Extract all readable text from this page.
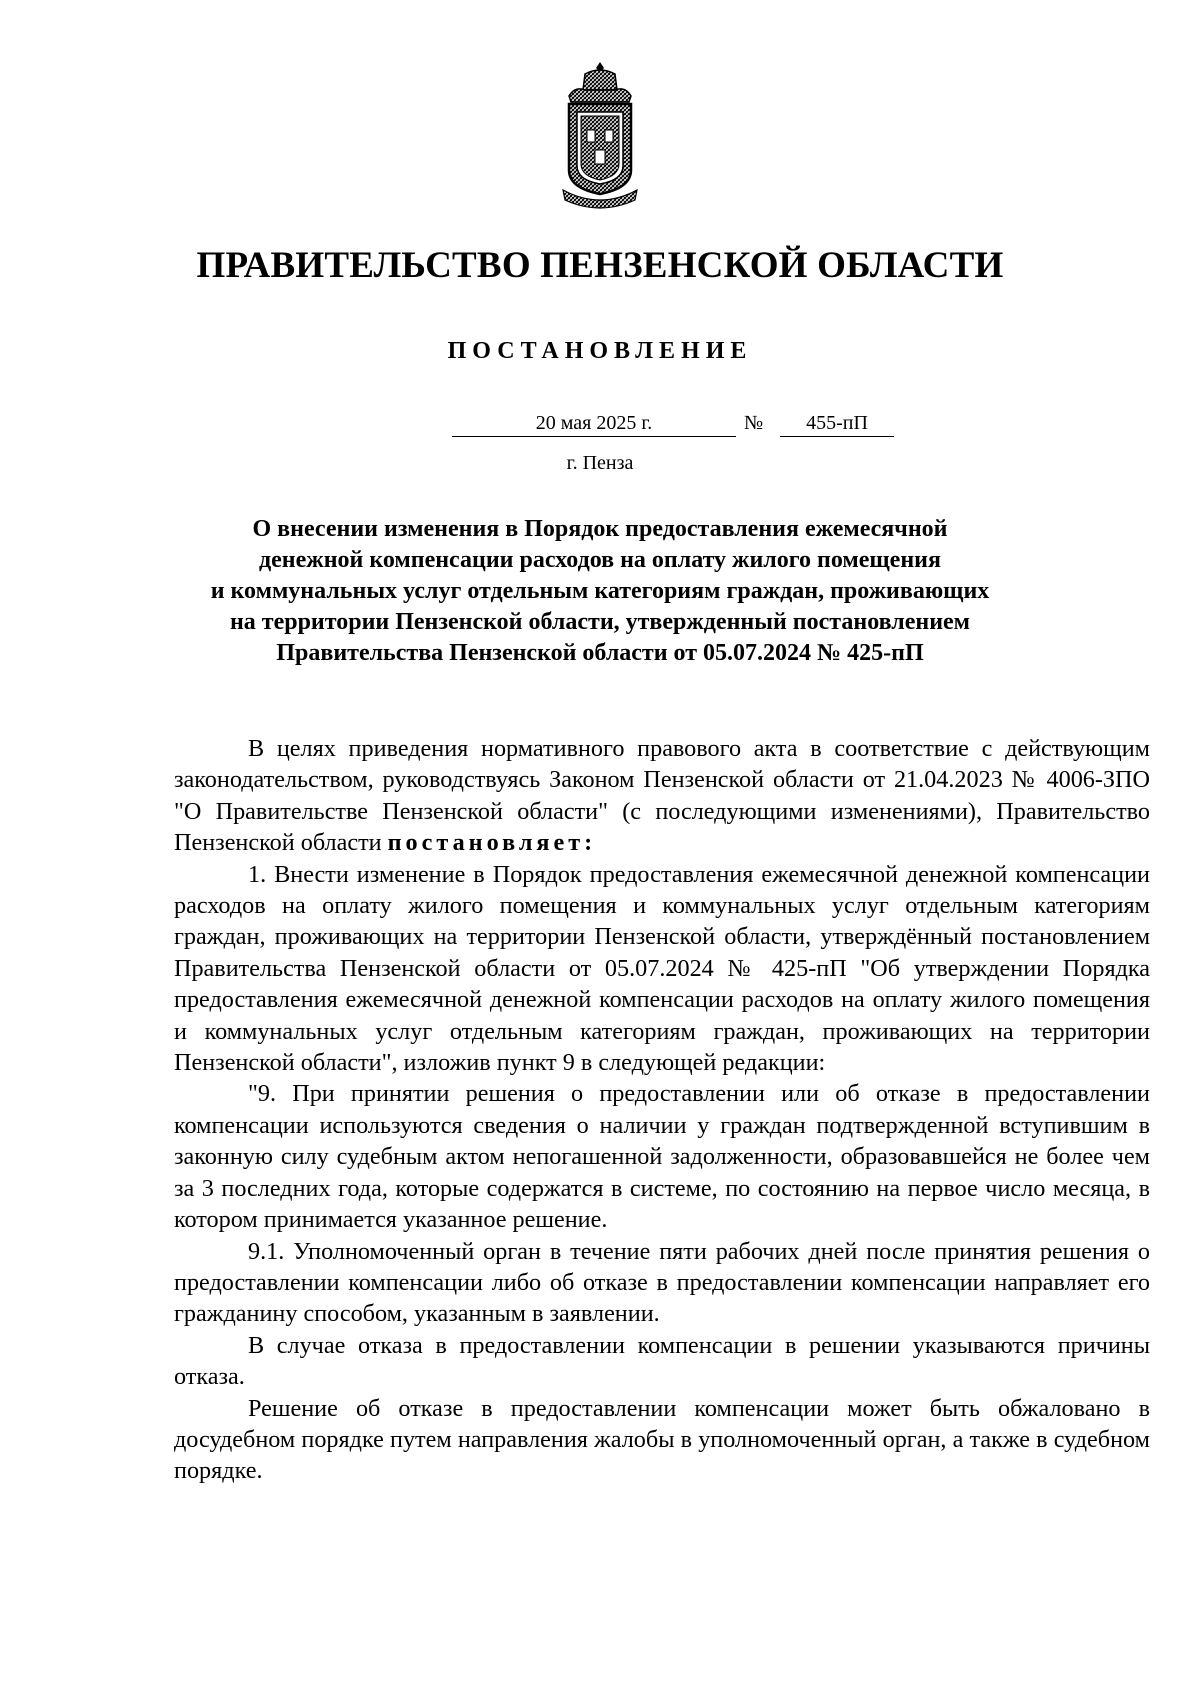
ПРАВИТЕЛЬСТВО ПЕНЗЕНСКОЙ ОБЛАСТИ
ПОСТАНОВЛЕНИЕ
20 мая 2025 г.	№	455-пП
г. Пенза
О внесении изменения в Порядок предоставления ежемесячной
денежной компенсации расходов на оплату жилого помещения
и коммунальных услуг отдельным категориям граждан, проживающих
на территории Пензенской области, утвержденный постановлением
Правительства Пензенской области от 05.07.2024 № 425-пП

В целях приведения нормативного правового акта в соответствие с действующим законодательством, руководствуясь Законом Пензенской области от 21.04.2023 № 4006-ЗПО "О Правительстве Пензенской области" (с последующими изменениями), Правительство Пензенской области постановляет:

1. Внести изменение в Порядок предоставления ежемесячной денежной компенсации расходов на оплату жилого помещения и коммунальных услуг отдельным категориям граждан, проживающих на территории Пензенской области, утверждённый постановлением Правительства Пензенской области от 05.07.2024 № 425-пП "Об утверждении Порядка предоставления ежемесячной денежной компенсации расходов на оплату жилого помещения и коммунальных услуг отдельным категориям граждан, проживающих на территории Пензенской области", изложив пункт 9 в следующей редакции:

"9. При принятии решения о предоставлении или об отказе в предоставлении компенсации используются сведения о наличии у граждан подтвержденной вступившим в законную силу судебным актом непогашенной задолженности, образовавшейся не более чем за 3 последних года, которые содержатся в системе, по состоянию на первое число месяца, в котором принимается указанное решение.

9.1. Уполномоченный орган в течение пяти рабочих дней после принятия решения о предоставлении компенсации либо об отказе в предоставлении компенсации направляет его гражданину способом, указанным в заявлении.

В случае отказа в предоставлении компенсации в решении указываются причины отказа.

Решение об отказе в предоставлении компенсации может быть обжаловано в досудебном порядке путем направления жалобы в уполномоченный орган, а также в судебном порядке.
